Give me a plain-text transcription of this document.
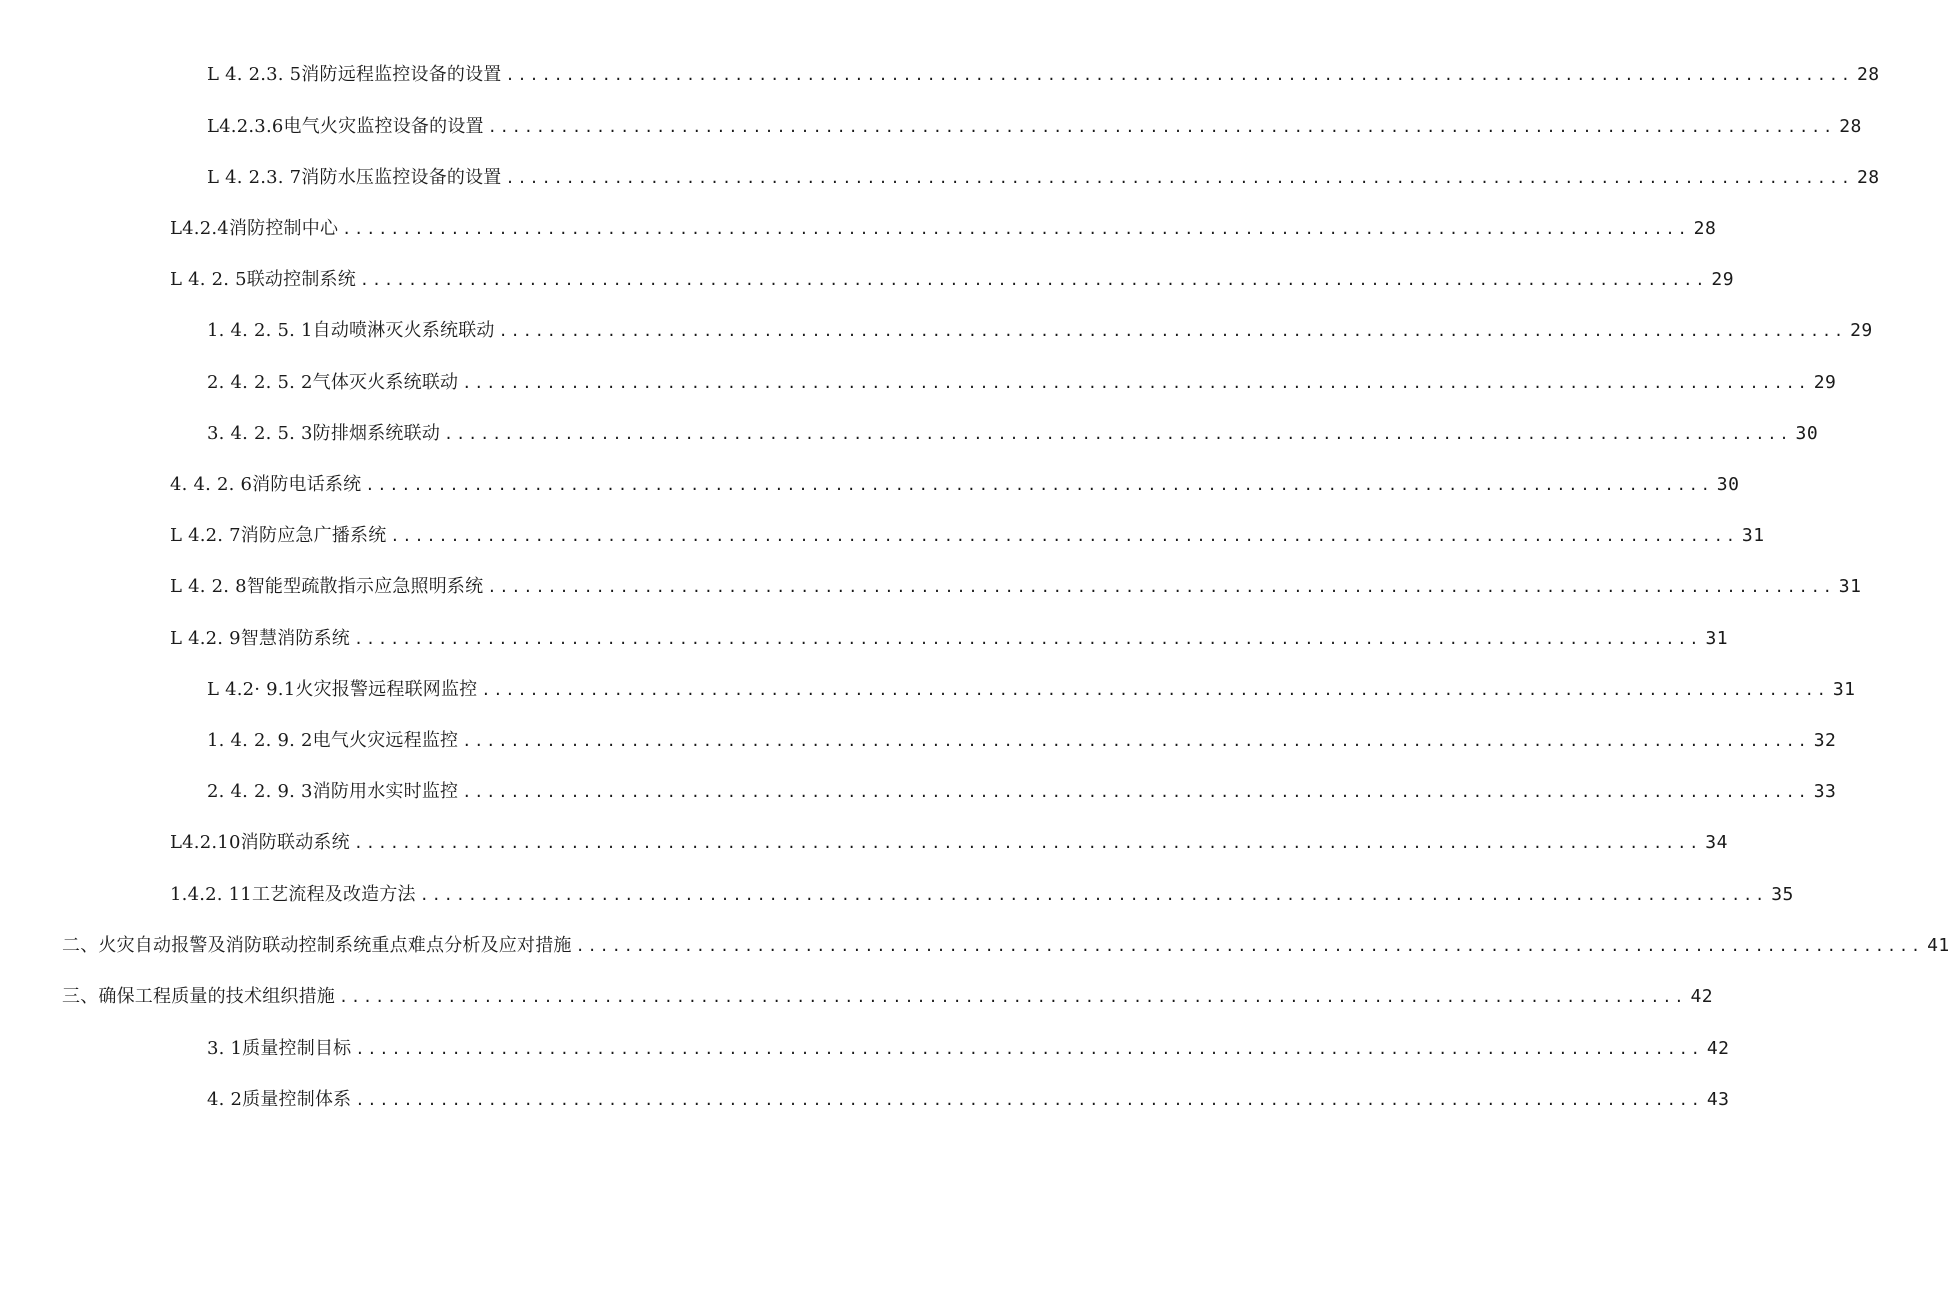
L 4. 2.3. 5消防远程监控设备的设置 ................................................................................................................ 28
L4.2.3.6电气火灾监控设备的设置 ................................................................................................................ 28
L 4. 2.3. 7消防水压监控设备的设置 ................................................................................................................ 28
L4.2.4消防控制中心 ................................................................................................................ 28
L 4. 2. 5联动控制系统 ................................................................................................................ 29
1. 4. 2. 5. 1自动喷淋灭火系统联动 ................................................................................................................ 29
2. 4. 2. 5. 2气体灭火系统联动 ................................................................................................................ 29
3. 4. 2. 5. 3防排烟系统联动 ................................................................................................................ 30
4. 4. 2. 6消防电话系统 ................................................................................................................ 30
L 4.2. 7消防应急广播系统 ................................................................................................................ 31
L 4. 2. 8智能型疏散指示应急照明系统 ................................................................................................................ 31
L 4.2. 9智慧消防系统 ................................................................................................................ 31
L 4.2· 9.1火灾报警远程联网监控 ................................................................................................................ 31
1. 4. 2. 9. 2电气火灾远程监控 ................................................................................................................ 32
2. 4. 2. 9. 3消防用水实时监控 ................................................................................................................ 33
L4.2.10消防联动系统 ................................................................................................................ 34
1.4.2. 11工艺流程及改造方法 ................................................................................................................ 35
二、火灾自动报警及消防联动控制系统重点难点分析及应对措施 ................................................................................................................ 41
三、确保工程质量的技术组织措施 ................................................................................................................ 42
3. 1质量控制目标 ................................................................................................................ 42
4. 2质量控制体系 ................................................................................................................ 43
